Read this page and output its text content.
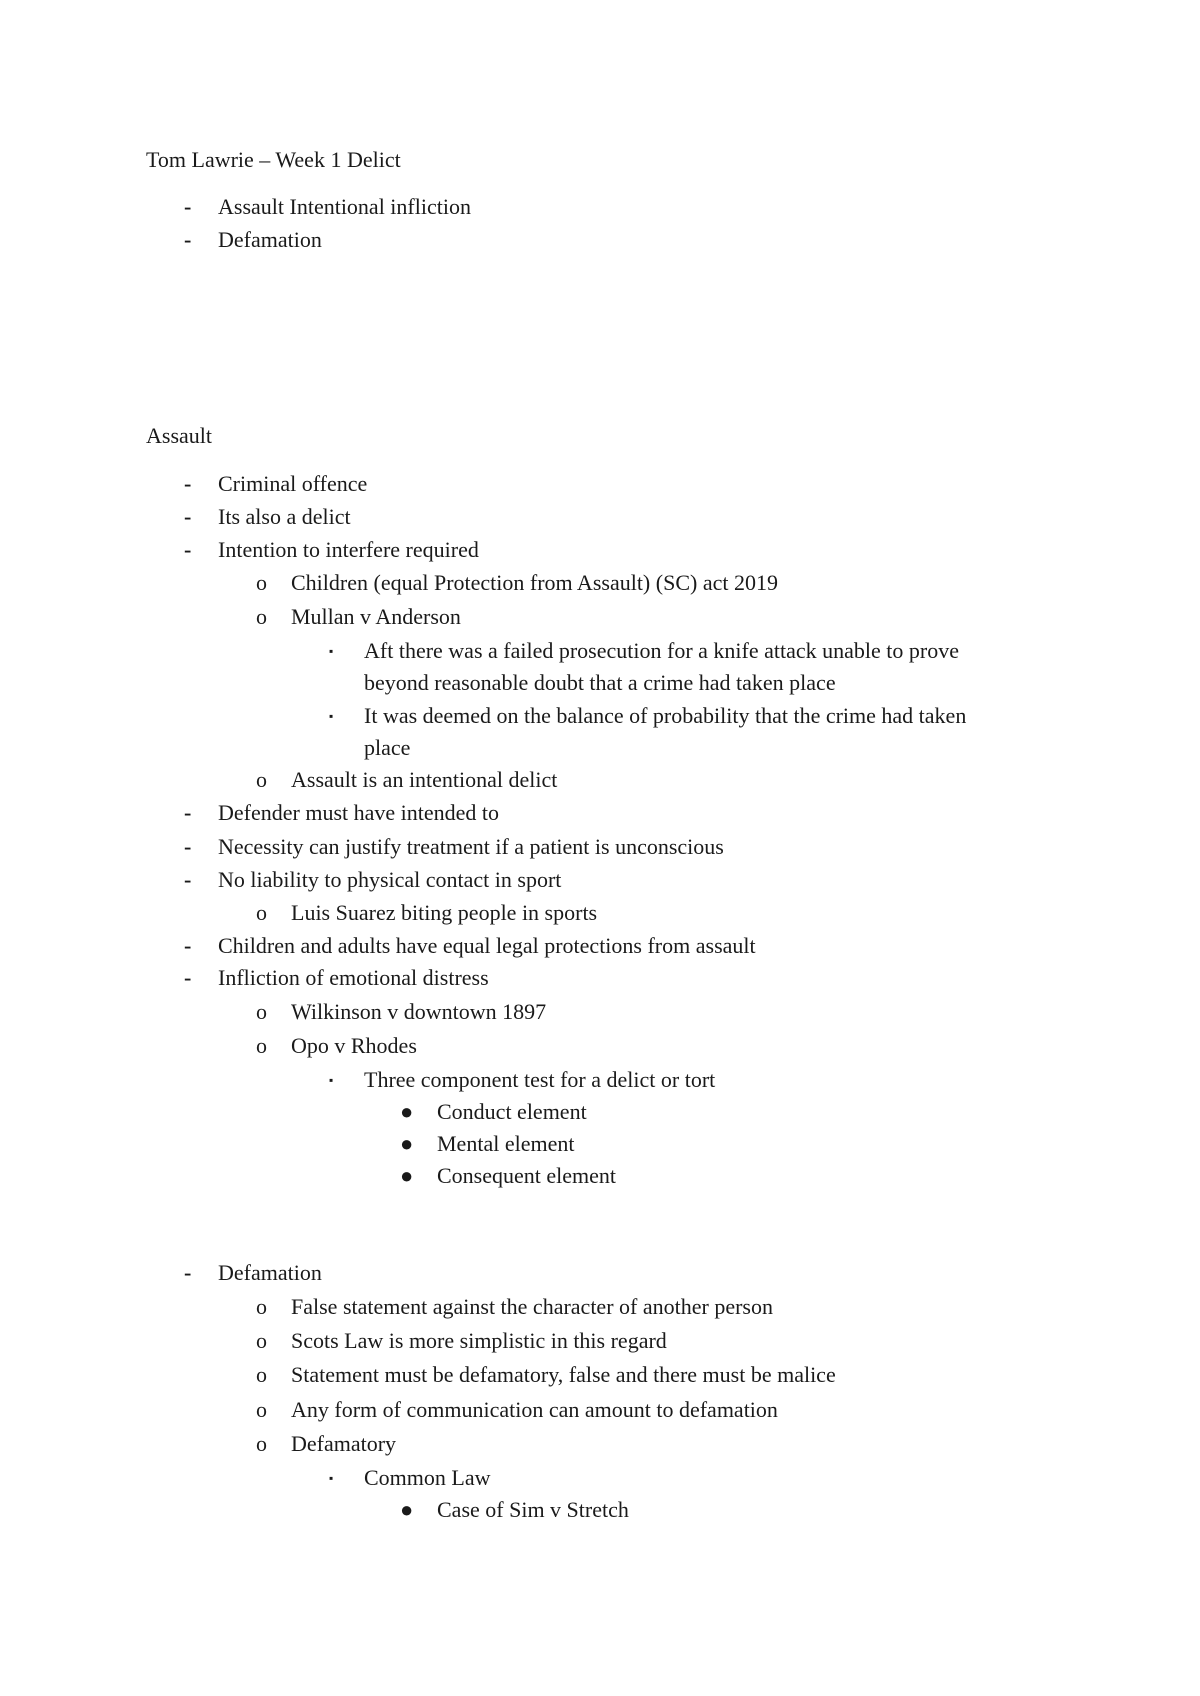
Tom Lawrie – Week 1 Delict
- Assault Intentional infliction
- Defamation
Assault
- Criminal offence
- Its also a delict
- Intention to interfere required
o Children (equal Protection from Assault) (SC) act 2019
o Mullan v Anderson
▪ Aft there was a failed prosecution for a knife attack unable to prove
beyond reasonable doubt that a crime had taken place
▪ It was deemed on the balance of probability that the crime had taken
place
o Assault is an intentional delict
- Defender must have intended to
- Necessity can justify treatment if a patient is unconscious
- No liability to physical contact in sport
o Luis Suarez biting people in sports
- Children and adults have equal legal protections from assault
- Infliction of emotional distress
o Wilkinson v downtown 1897
o Opo v Rhodes
▪ Three component test for a delict or tort
● Conduct element
● Mental element
● Consequent element
- Defamation
o False statement against the character of another person
o Scots Law is more simplistic in this regard
o Statement must be defamatory, false and there must be malice
o Any form of communication can amount to defamation
o Defamatory
▪ Common Law
● Case of Sim v Stretch
